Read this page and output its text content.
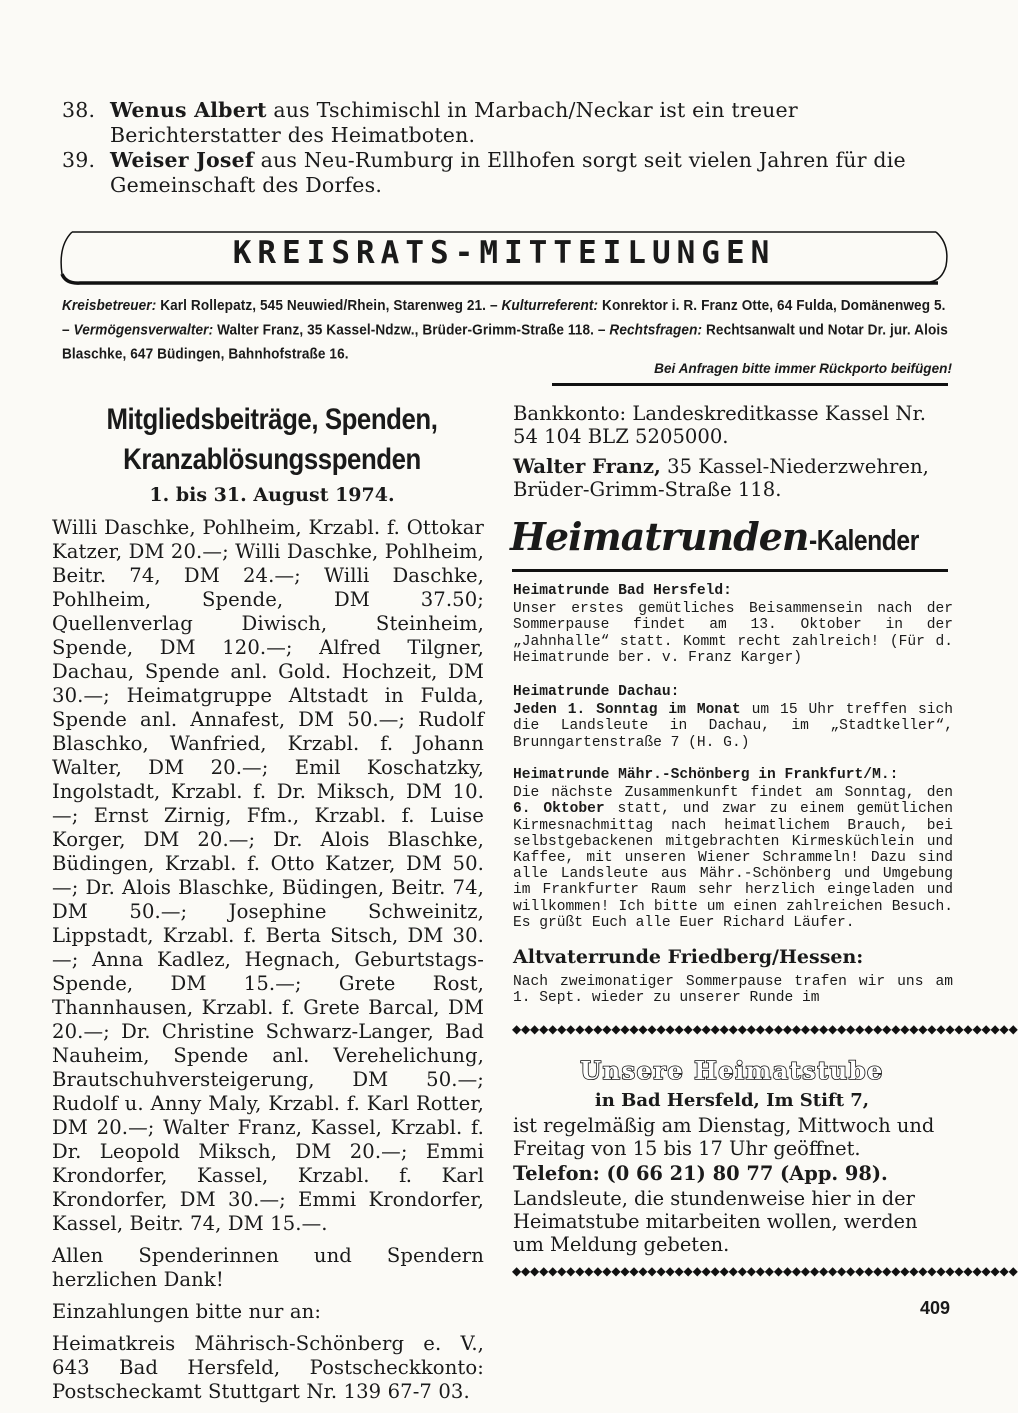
38. Wenus Albert aus Tschimischl in Marbach/Neckar ist ein treuer Berichterstatter des Heimatboten.
39. Weiser Josef aus Neu-Rumburg in Ellhofen sorgt seit vielen Jahren für die Gemeinschaft des Dorfes.
KREISRATS-MITTEILUNGEN
Kreisbetreuer: Karl Rollepatz, 545 Neuwied/Rhein, Starenweg 21. – Kulturreferent: Konrektor i. R. Franz Otte, 64 Fulda, Domänenweg 5. – Vermögensverwalter: Walter Franz, 35 Kassel-Ndzw., Brüder-Grimm-Straße 118. – Rechtsfragen: Rechtsanwalt und Notar Dr. jur. Alois Blaschke, 647 Büdingen, Bahnhofstraße 16.
Bei Anfragen bitte immer Rückporto beifügen!
Mitgliedsbeiträge, Spenden,
Kranzablösungsspenden
1. bis 31. August 1974.

Willi Daschke, Pohlheim, Krzabl. f. Ottokar Katzer, DM 20.—; Willi Daschke, Pohlheim, Beitr. 74, DM 24.—; Willi Daschke, Pohlheim, Spende, DM 37.50; Quellenverlag Diwisch, Steinheim, Spende, DM 120.—; Alfred Tilgner, Dachau, Spende anl. Gold. Hochzeit, DM 30.—; Heimatgruppe Altstadt in Fulda, Spende anl. Annafest, DM 50.—; Rudolf Blaschko, Wanfried, Krzabl. f. Johann Walter, DM 20.—; Emil Koschatzky, Ingolstadt, Krzabl. f. Dr. Miksch, DM 10.—; Ernst Zirnig, Ffm., Krzabl. f. Luise Korger, DM 20.—; Dr. Alois Blaschke, Büdingen, Krzabl. f. Otto Katzer, DM 50.—; Dr. Alois Blaschke, Büdingen, Beitr. 74, DM 50.—; Josephine Schweinitz, Lippstadt, Krzabl. f. Berta Sitsch, DM 30.—; Anna Kadlez, Hegnach, Geburtstags-Spende, DM 15.—; Grete Rost, Thannhausen, Krzabl. f. Grete Barcal, DM 20.—; Dr. Christine Schwarz-Langer, Bad Nauheim, Spende anl. Verehelichung, Brautschuhversteigerung, DM 50.—; Rudolf u. Anny Maly, Krzabl. f. Karl Rotter, DM 20.—; Walter Franz, Kassel, Krzabl. f. Dr. Leopold Miksch, DM 20.—; Emmi Krondorfer, Kassel, Krzabl. f. Karl Krondorfer, DM 30.—; Emmi Krondorfer, Kassel, Beitr. 74, DM 15.—.

Allen Spenderinnen und Spendern herzlichen Dank!

Einzahlungen bitte nur an:

Heimatkreis Mährisch-Schönberg e. V., 643 Bad Hersfeld, Postscheckkonto: Postscheckamt Stuttgart Nr. 139 67-7 03.

Bankkonto: Landeskreditkasse Kassel Nr. 54 104 BLZ 5205000.

Walter Franz, 35 Kassel-Niederzwehren, Brüder-Grimm-Straße 118.

Heimatrunden-Kalender
Heimatrunde Bad Hersfeld:
Unser erstes gemütliches Beisammensein nach der Sommerpause findet am 13. Oktober in der „Jahnhalle“ statt. Kommt recht zahlreich! (Für d. Heimatrunde ber. v. Franz Karger)
Heimatrunde Dachau:
Jeden 1. Sonntag im Monat um 15 Uhr treffen sich die Landsleute in Dachau, im „Stadtkeller“, Brunngartenstraße 7 (H. G.)
Heimatrunde Mähr.-Schönberg in Frankfurt/M.:
Die nächste Zusammenkunft findet am Sonntag, den 6. Oktober statt, und zwar zu einem gemütlichen Kirmesnachmittag nach heimatlichem Brauch, bei selbstgebackenen mitgebrachten Kirmesküchlein und Kaffee, mit unseren Wiener Schrammeln! Dazu sind alle Landsleute aus Mähr.-Schönberg und Umgebung im Frankfurter Raum sehr herzlich eingeladen und willkommen! Ich bitte um einen zahlreichen Besuch. Es grüßt Euch alle Euer Richard Läufer.
Altvaterrunde Friedberg/Hessen:
Nach zweimonatiger Sommerpause trafen wir uns am 1. Sept. wieder zu unserer Runde im
◆◆◆◆◆◆◆◆◆◆◆◆◆◆◆◆◆◆◆◆◆◆◆◆◆◆◆◆◆◆◆◆◆◆◆◆◆◆◆◆◆◆◆◆◆◆◆◆◆◆◆◆◆◆◆◆
Unsere Heimatstube
in Bad Hersfeld, Im Stift 7,

ist regelmäßig am Dienstag, Mittwoch und Freitag von 15 bis 17 Uhr geöffnet.

Telefon: (0 66 21) 80 77 (App. 98).

Landsleute, die stundenweise hier in der Heimatstube mitarbeiten wollen, werden um Meldung gebeten.

◆◆◆◆◆◆◆◆◆◆◆◆◆◆◆◆◆◆◆◆◆◆◆◆◆◆◆◆◆◆◆◆◆◆◆◆◆◆◆◆◆◆◆◆◆◆◆◆◆◆◆◆◆◆◆◆
409
